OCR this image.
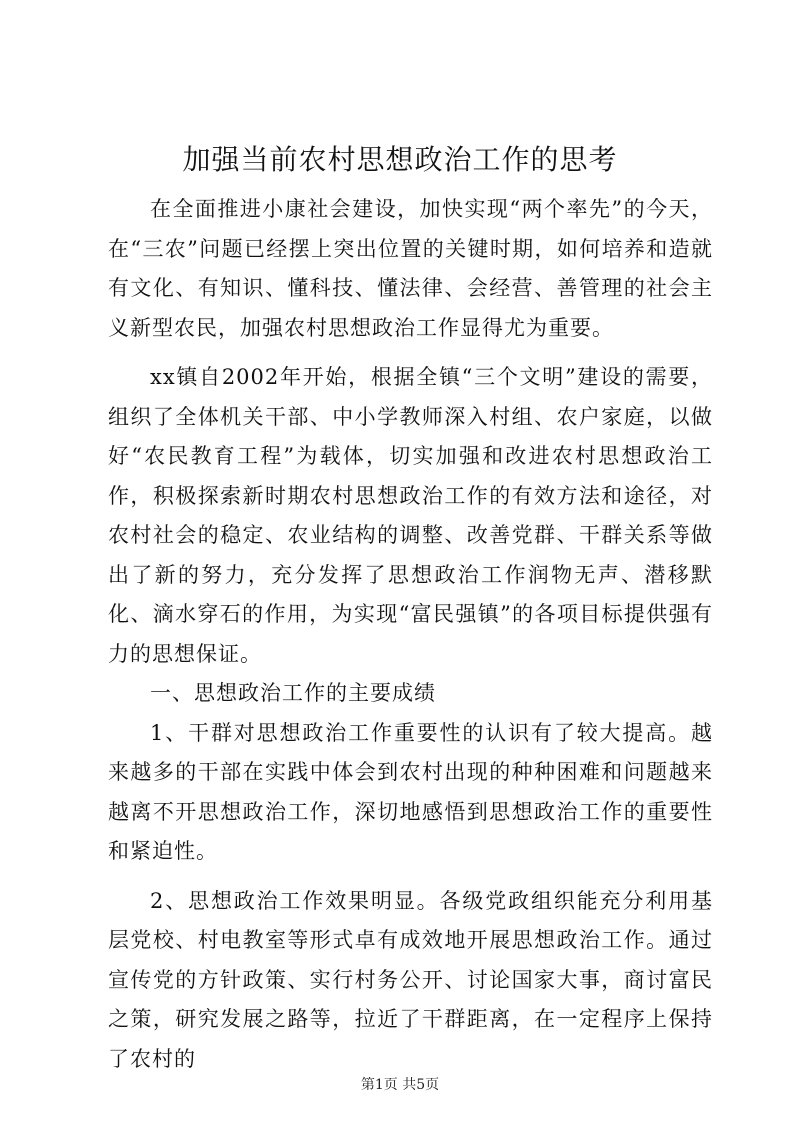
加强当前农村思想政治工作的思考

在全面推进小康社会建设，加快实现“两个率先”的今天，在“三农”问题已经摆上突出位置的关键时期，如何培养和造就有文化、有知识、懂科技、懂法律、会经营、善管理的社会主义新型农民，加强农村思想政治工作显得尤为重要。

xx镇自2002年开始，根据全镇“三个文明”建设的需要，组织了全体机关干部、中小学教师深入村组、农户家庭，以做好“农民教育工程”为载体，切实加强和改进农村思想政治工作，积极探索新时期农村思想政治工作的有效方法和途径，对农村社会的稳定、农业结构的调整、改善党群、干群关系等做出了新的努力，充分发挥了思想政治工作润物无声、潜移默化、滴水穿石的作用，为实现“富民强镇”的各项目标提供强有力的思想保证。

一、思想政治工作的主要成绩

1、干群对思想政治工作重要性的认识有了较大提高。越来越多的干部在实践中体会到农村出现的种种困难和问题越来越离不开思想政治工作，深切地感悟到思想政治工作的重要性和紧迫性。

2、思想政治工作效果明显。各级党政组织能充分利用基层党校、村电教室等形式卓有成效地开展思想政治工作。通过宣传党的方针政策、实行村务公开、讨论国家大事，商讨富民之策，研究发展之路等，拉近了干群距离，在一定程序上保持了农村的

第1页 共5页
